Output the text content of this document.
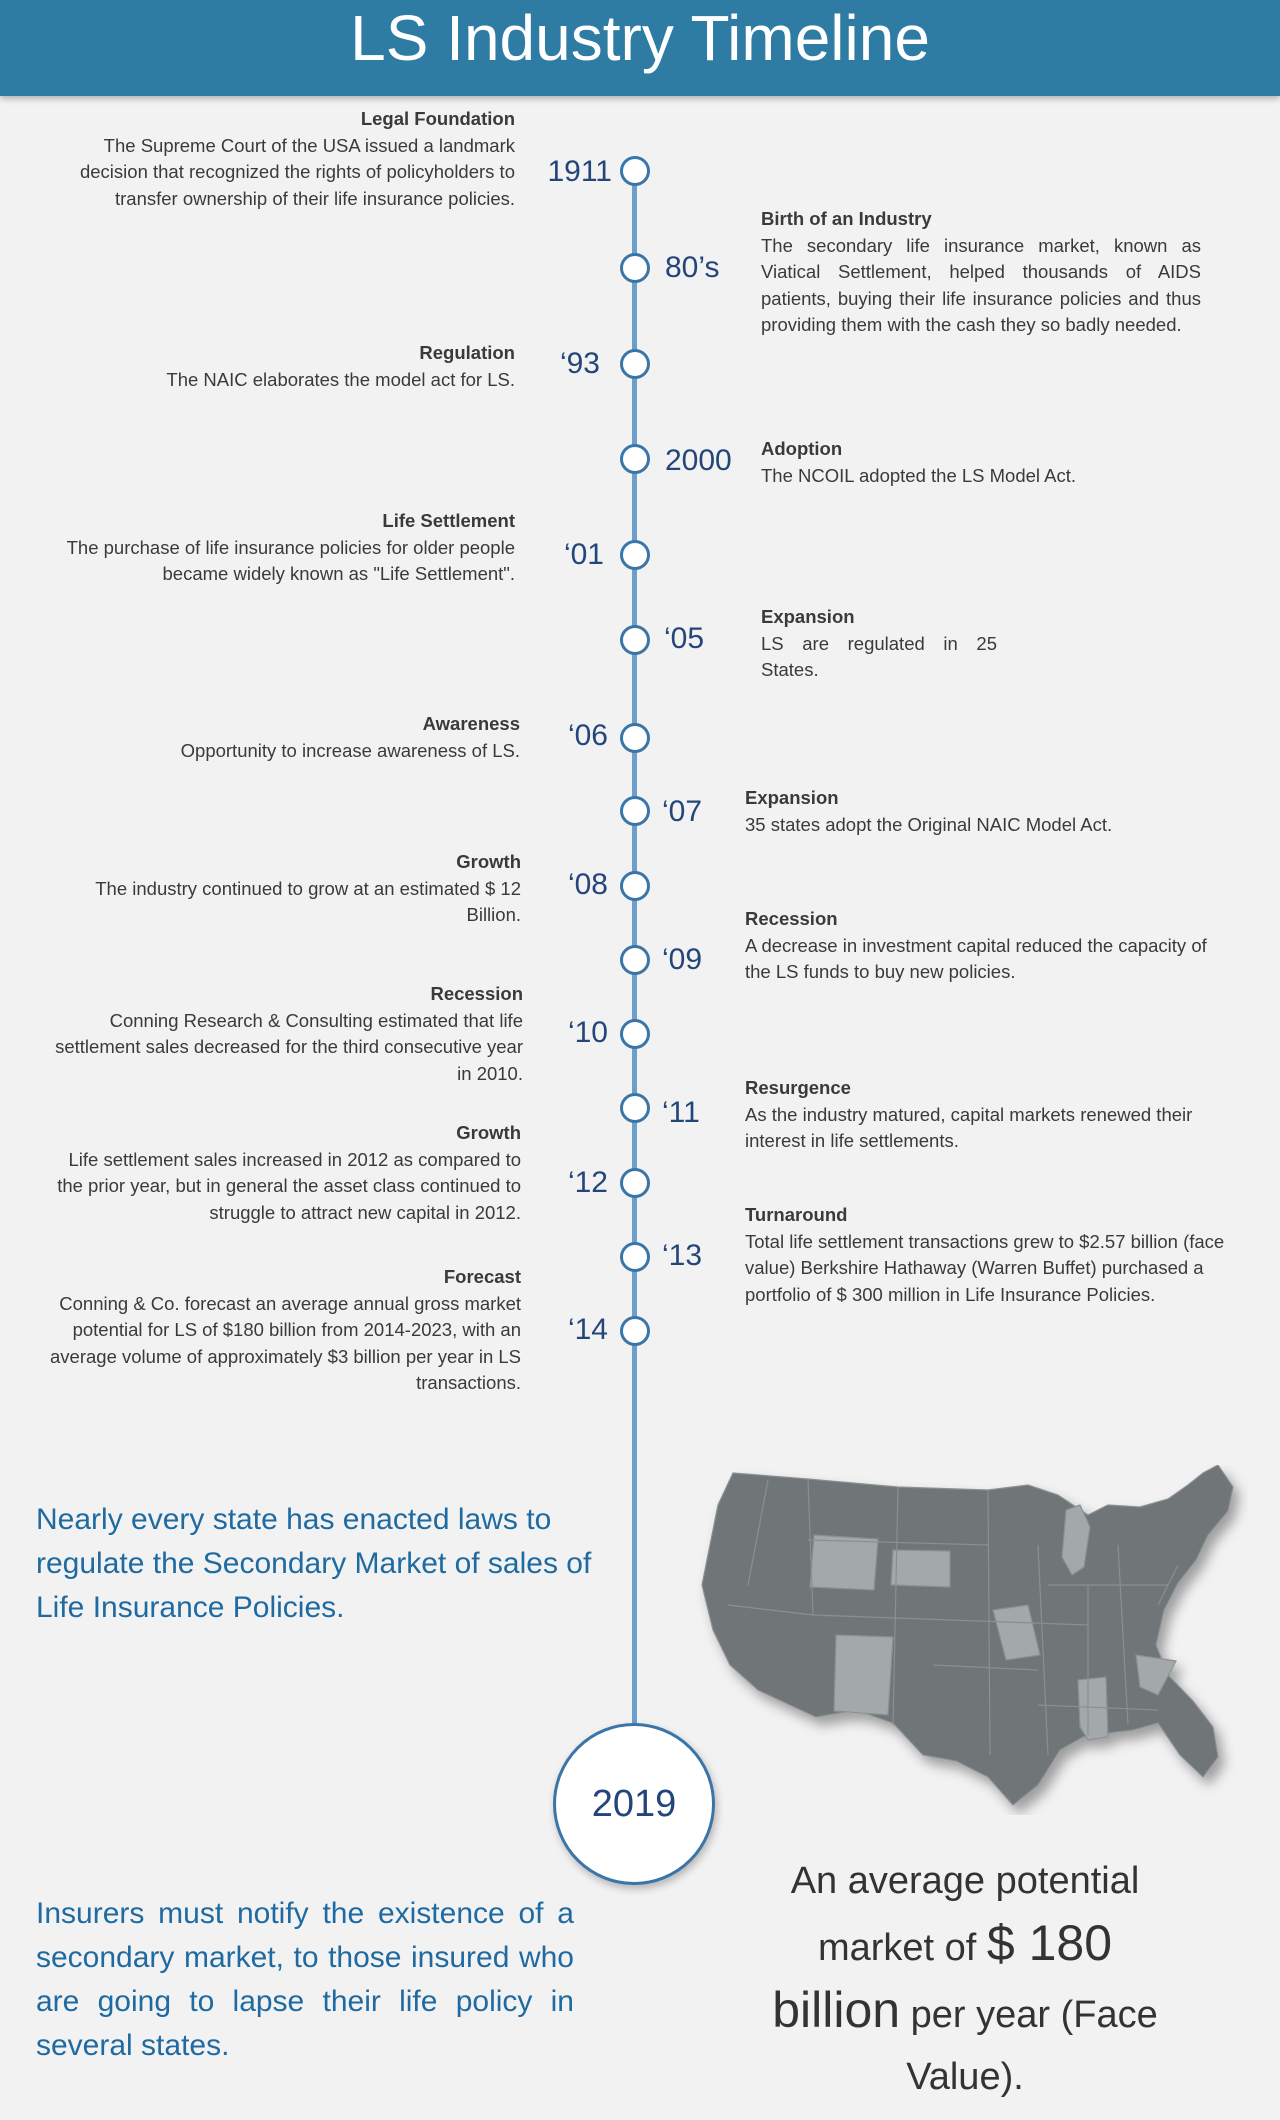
LS Industry Timeline
Legal Foundation
The Supreme Court of the USA issued a landmark decision that recognized the rights of policyholders to transfer ownership of their life insurance policies.
1911
Regulation
The NAIC elaborates the model act for LS.	‘93
Life Settlement
The purchase of life insurance policies for older people became widely known as "Life Settlement".
‘01
Awareness
Opportunity to increase awareness of LS.	‘06
Growth
The industry continued to grow at an estimated $ 12 Billion.
‘08
Recession
Conning Research & Consulting estimated that life settlement sales decreased for the third consecutive year in 2010.
‘10
Growth
Life settlement sales increased in 2012 as compared to the prior year, but in general the asset class continued to struggle to attract new capital in 2012.
‘12
Forecast
Conning & Co. forecast an average annual gross market potential for LS of $180 billion from 2014-2023, with an average volume of approximately $3 billion per year in LS transactions.
‘14
80’s
Birth of an Industry
The secondary life insurance market, known as Viatical Settlement, helped thousands of AIDS patients, buying their life insurance policies and thus providing them with the cash they so badly needed.
2000 Adoption
The NCOIL adopted the LS Model Act.
‘05
Expansion
LS are regulated in 25 States.
‘07 Expansion
35 states adopt the Original NAIC Model Act.
‘09
Recession
A decrease in investment capital reduced the capacity of the LS funds to buy new policies.
‘11
Resurgence
As the industry matured, capital markets renewed their interest in life settlements.
‘13
Turnaround
Total life settlement transactions grew to $2.57 billion (face value) Berkshire Hathaway (Warren Buffet) purchased a portfolio of $ 300 million in Life Insurance Policies.
Nearly every state has enacted laws to regulate the Secondary Market of sales of Life Insurance Policies.
2019
Insurers must notify the existence of a secondary market, to those insured who are going to lapse their life policy in several states.
An average potential market of $ 180
billion per year (Face Value).
